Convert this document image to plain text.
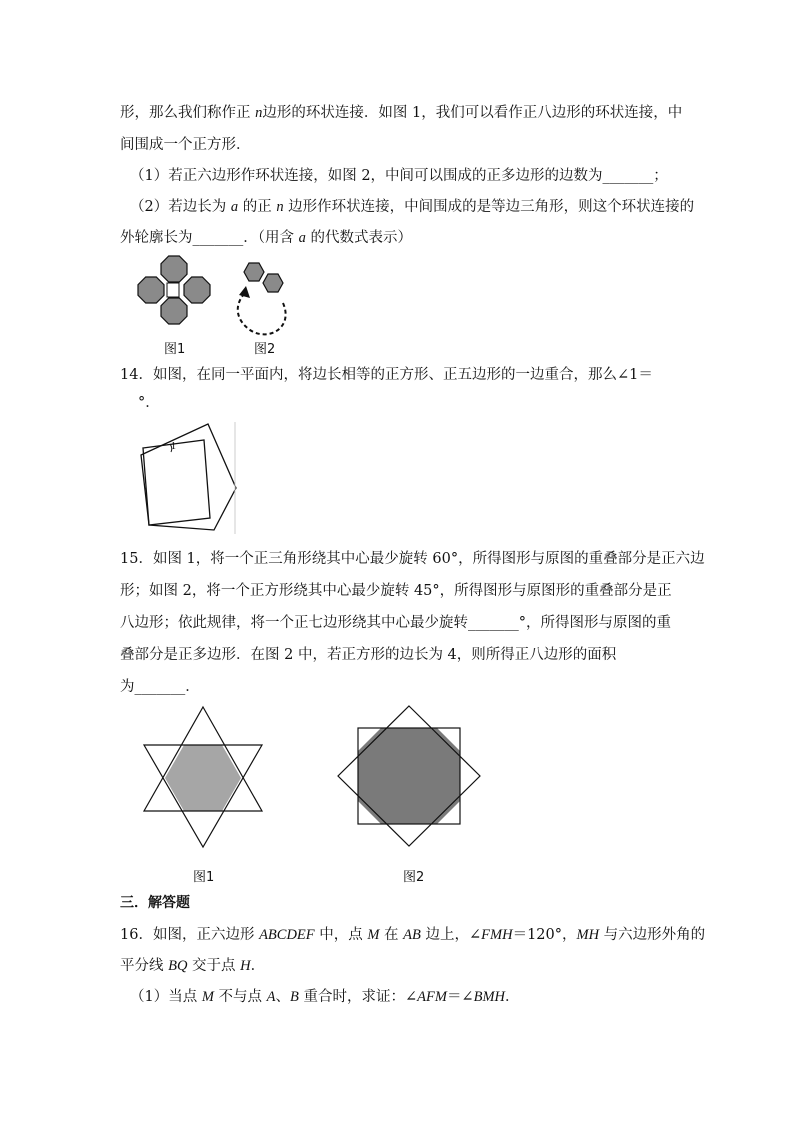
形，那么我们称作正 n边形的环状连接．如图 1，我们可以看作正八边形的环状连接，中
间围成一个正方形．
（1）若正六边形作环状连接，如图 2，中间可以围成的正多边形的边数为_______；
（2）若边长为 a 的正 n 边形作环状连接，中间围成的是等边三角形，则这个环状连接的
外轮廓长为_______．（用含 a 的代数式表示）
图1	图2
14．如图，在同一平面内，将边长相等的正方形、正五边形的一边重合，那么∠1＝
°．
1
15．如图 1，将一个正三角形绕其中心最少旋转 60°，所得图形与原图的重叠部分是正六边
形；如图 2，将一个正方形绕其中心最少旋转 45°，所得图形与原图形的重叠部分是正
八边形；依此规律，将一个正七边形绕其中心最少旋转_______°，所得图形与原图的重
叠部分是正多边形．在图 2 中，若正方形的边长为 4，则所得正八边形的面积
为_______．
图1	图2
三．解答题
16．如图，正六边形 ABCDEF 中，点 M 在 AB 边上，∠FMH＝120°，MH 与六边形外角的
平分线 BQ 交于点 H．
（1）当点 M 不与点 A、B 重合时，求证：∠AFM＝∠BMH．
